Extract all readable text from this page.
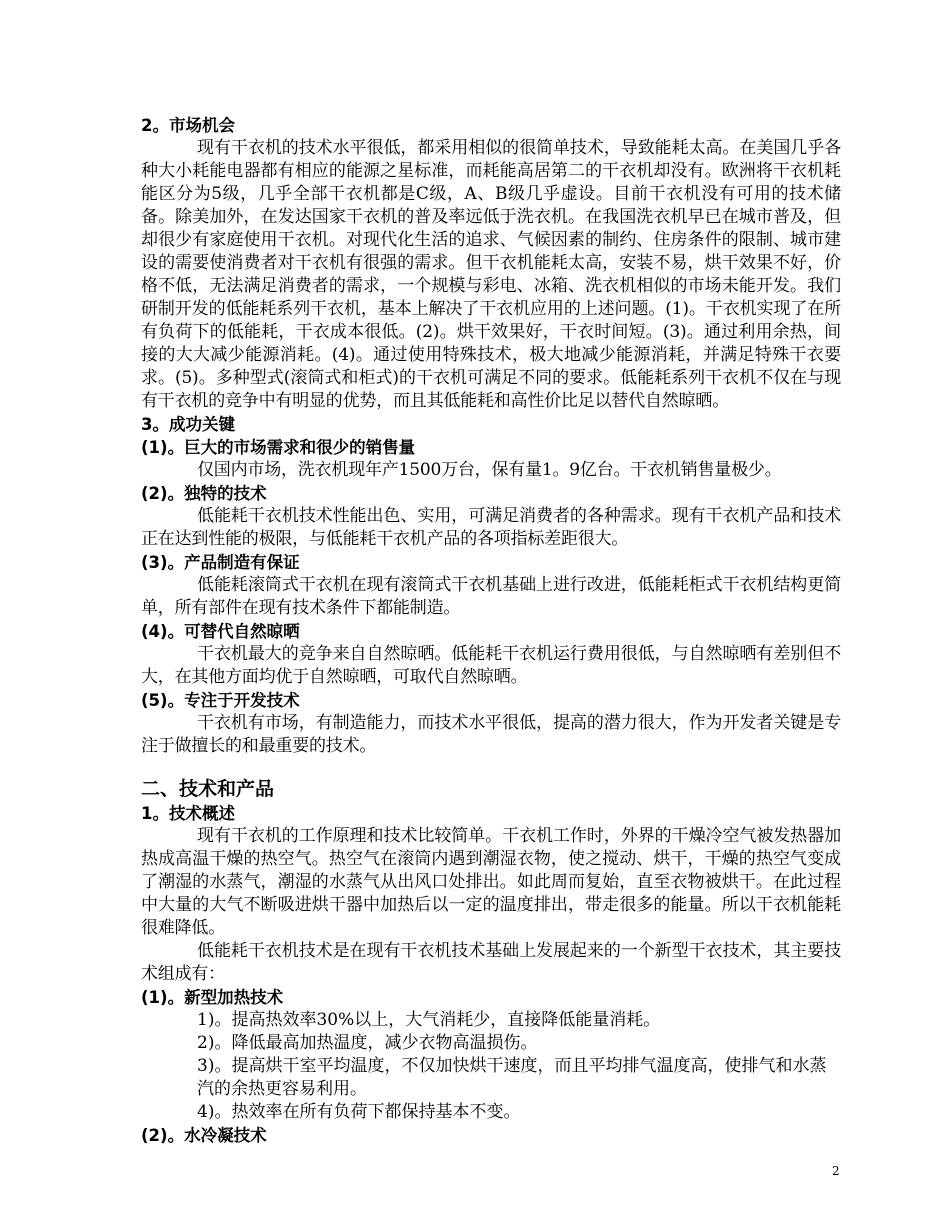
2。市场机会
现有干衣机的技术水平很低，都采用相似的很简单技术，导致能耗太高。在美国几乎各种大小耗能电器都有相应的能源之星标准，而耗能高居第二的干衣机却没有。欧洲将干衣机耗能区分为5级，几乎全部干衣机都是C级，A、B级几乎虚设。目前干衣机没有可用的技术储备。除美加外，在发达国家干衣机的普及率远低于洗衣机。在我国洗衣机早已在城市普及，但却很少有家庭使用干衣机。对现代化生活的追求、气候因素的制约、住房条件的限制、城市建设的需要使消费者对干衣机有很强的需求。但干衣机能耗太高，安装不易，烘干效果不好，价格不低，无法满足消费者的需求，一个规模与彩电、冰箱、洗衣机相似的市场未能开发。我们研制开发的低能耗系列干衣机，基本上解决了干衣机应用的上述问题。(1)。干衣机实现了在所有负荷下的低能耗，干衣成本很低。(2)。烘干效果好，干衣时间短。(3)。通过利用余热，间接的大大减少能源消耗。(4)。通过使用特殊技术，极大地减少能源消耗，并满足特殊干衣要求。(5)。多种型式(滚筒式和柜式)的干衣机可满足不同的要求。低能耗系列干衣机不仅在与现有干衣机的竞争中有明显的优势，而且其低能耗和高性价比足以替代自然晾晒。
3。成功关键
(1)。巨大的市场需求和很少的销售量
仅国内市场，洗衣机现年产1500万台，保有量1。9亿台。干衣机销售量极少。
(2)。独特的技术
低能耗干衣机技术性能出色、实用，可满足消费者的各种需求。现有干衣机产品和技术正在达到性能的极限，与低能耗干衣机产品的各项指标差距很大。
(3)。产品制造有保证
低能耗滚筒式干衣机在现有滚筒式干衣机基础上进行改进，低能耗柜式干衣机结构更简单，所有部件在现有技术条件下都能制造。
(4)。可替代自然晾晒
干衣机最大的竞争来自自然晾晒。低能耗干衣机运行费用很低，与自然晾晒有差别但不大，在其他方面均优于自然晾晒，可取代自然晾晒。
(5)。专注于开发技术
干衣机有市场，有制造能力，而技术水平很低，提高的潜力很大，作为开发者关键是专注于做擅长的和最重要的技术。
二、技术和产品
1。技术概述
现有干衣机的工作原理和技术比较简单。干衣机工作时，外界的干燥冷空气被发热器加热成高温干燥的热空气。热空气在滚筒内遇到潮湿衣物，使之搅动、烘干，干燥的热空气变成了潮湿的水蒸气，潮湿的水蒸气从出风口处排出。如此周而复始，直至衣物被烘干。在此过程中大量的大气不断吸进烘干器中加热后以一定的温度排出，带走很多的能量。所以干衣机能耗很难降低。
低能耗干衣机技术是在现有干衣机技术基础上发展起来的一个新型干衣技术，其主要技术组成有：
(1)。新型加热技术
1)。提高热效率30%以上，大气消耗少，直接降低能量消耗。
2)。降低最高加热温度，减少衣物高温损伤。
3)。提高烘干室平均温度，不仅加快烘干速度，而且平均排气温度高，使排气和水蒸汽的余热更容易利用。
4)。热效率在所有负荷下都保持基本不变。
(2)。水冷凝技术
2
